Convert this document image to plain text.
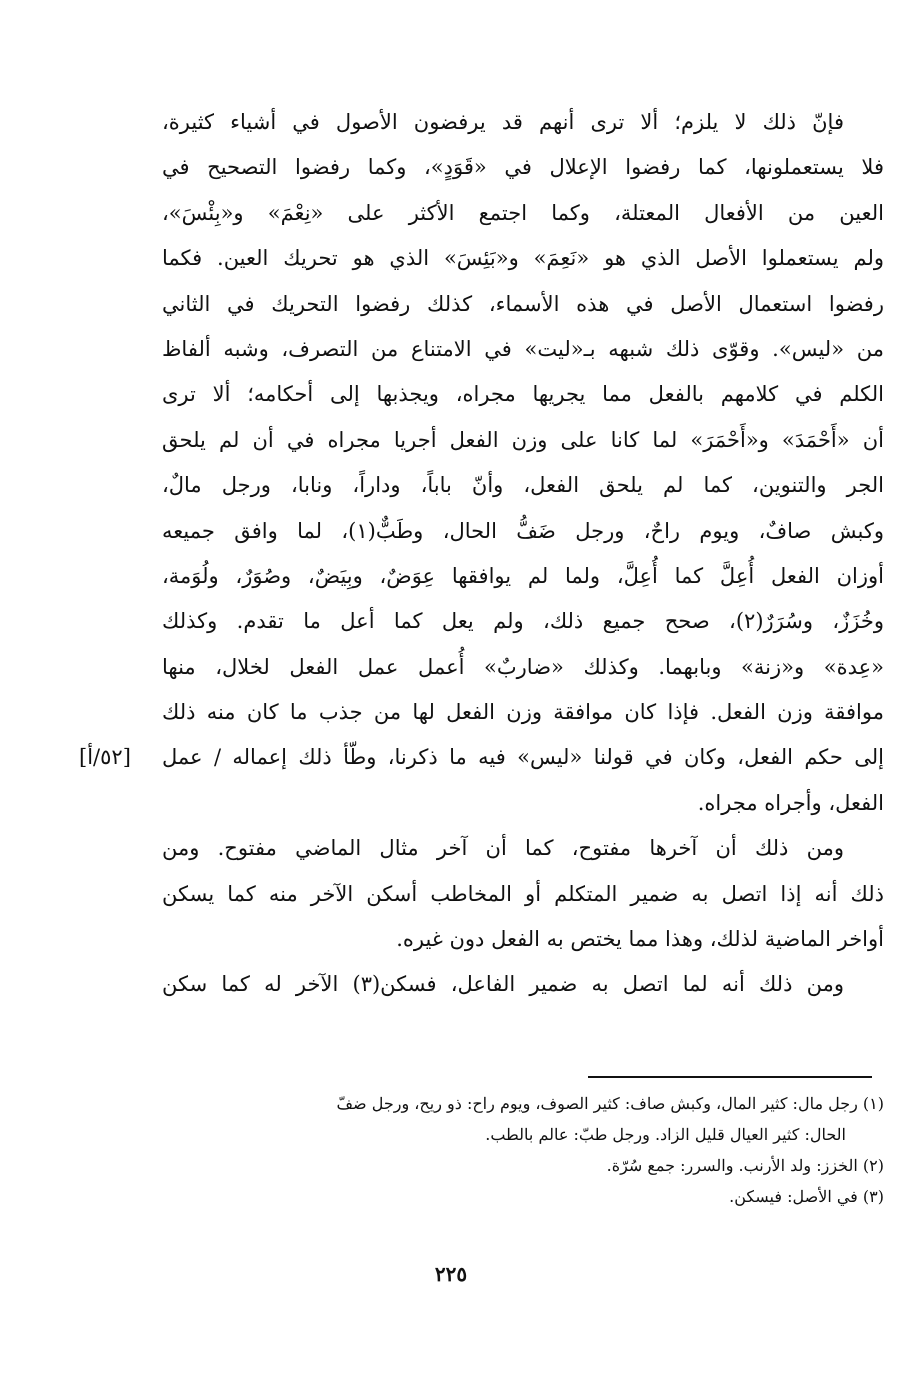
فإنّ ذلك لا يلزم؛ ألا ترى أنهم قد يرفضون الأصول في أشياء كثيرة،
فلا يستعملونها، كما رفضوا الإعلال في «قَوَدٍ»، وكما رفضوا التصحيح في
العين من الأفعال المعتلة، وكما اجتمع الأكثر على «نِعْمَ» و«بِئْسَ»،
ولم يستعملوا الأصل الذي هو «نَعِمَ» و«بَئِسَ» الذي هو تحريك العين. فكما
رفضوا استعمال الأصل في هذه الأسماء، كذلك رفضوا التحريك في الثاني
من «ليس». وقوّى ذلك شبهه بـ«ليت» في الامتناع من التصرف، وشبه ألفاظ
الكلم في كلامهم بالفعل مما يجريها مجراه، ويجذبها إلى أحكامه؛ ألا ترى
أن «أَحْمَدَ» و«أَحْمَرَ» لما كانا على وزن الفعل أجريا مجراه في أن لم يلحق
الجر والتنوين، كما لم يلحق الفعل، وأنّ باباً، وداراً، ونابا، ورجل مالٌ،
وكبش صافٌ، ويوم راحٌ، ورجل ضَفُّ الحال، وطَبٌّ(١)، لما وافق جميعه
أوزان الفعل أُعِلَّ كما أُعِلَّ، ولما لم يوافقها عِوَضٌ، وبِيَضٌ، وصُوَرٌ، ولُوَمة،
وخُزَزٌ، وسُرَرٌ(٢)، صحح جميع ذلك، ولم يعل كما أعل ما تقدم. وكذلك
«عِدة» و«زنة» وبابهما. وكذلك «ضاربٌ» أُعمل عمل الفعل لخلال، منها
موافقة وزن الفعل. فإذا كان موافقة وزن الفعل لها من جذب ما كان منه ذلك
إلى حكم الفعل، وكان في قولنا «ليس» فيه ما ذكرنا، وطّأ ذلك إعماله / عمل
[٥٢/أ]
الفعل، وأجراه مجراه.
ومن ذلك أن آخرها مفتوح، كما أن آخر مثال الماضي مفتوح. ومن
ذلك أنه إذا اتصل به ضمير المتكلم أو المخاطب أسكن الآخر منه كما يسكن
أواخر الماضية لذلك، وهذا مما يختص به الفعل دون غيره.
ومن ذلك أنه لما اتصل به ضمير الفاعل، فسكن(٣) الآخر له كما سكن
(١) رجل مال: كثير المال، وكبش صاف: كثير الصوف، ويوم راح: ذو ريح، ورجل ضفّ
الحال: كثير العيال قليل الزاد. ورجل طبّ: عالم بالطب.
(٢) الخزز: ولد الأرنب. والسرر: جمع سُرّة.
(٣) في الأصل: فيسكن.
٢٢٥
